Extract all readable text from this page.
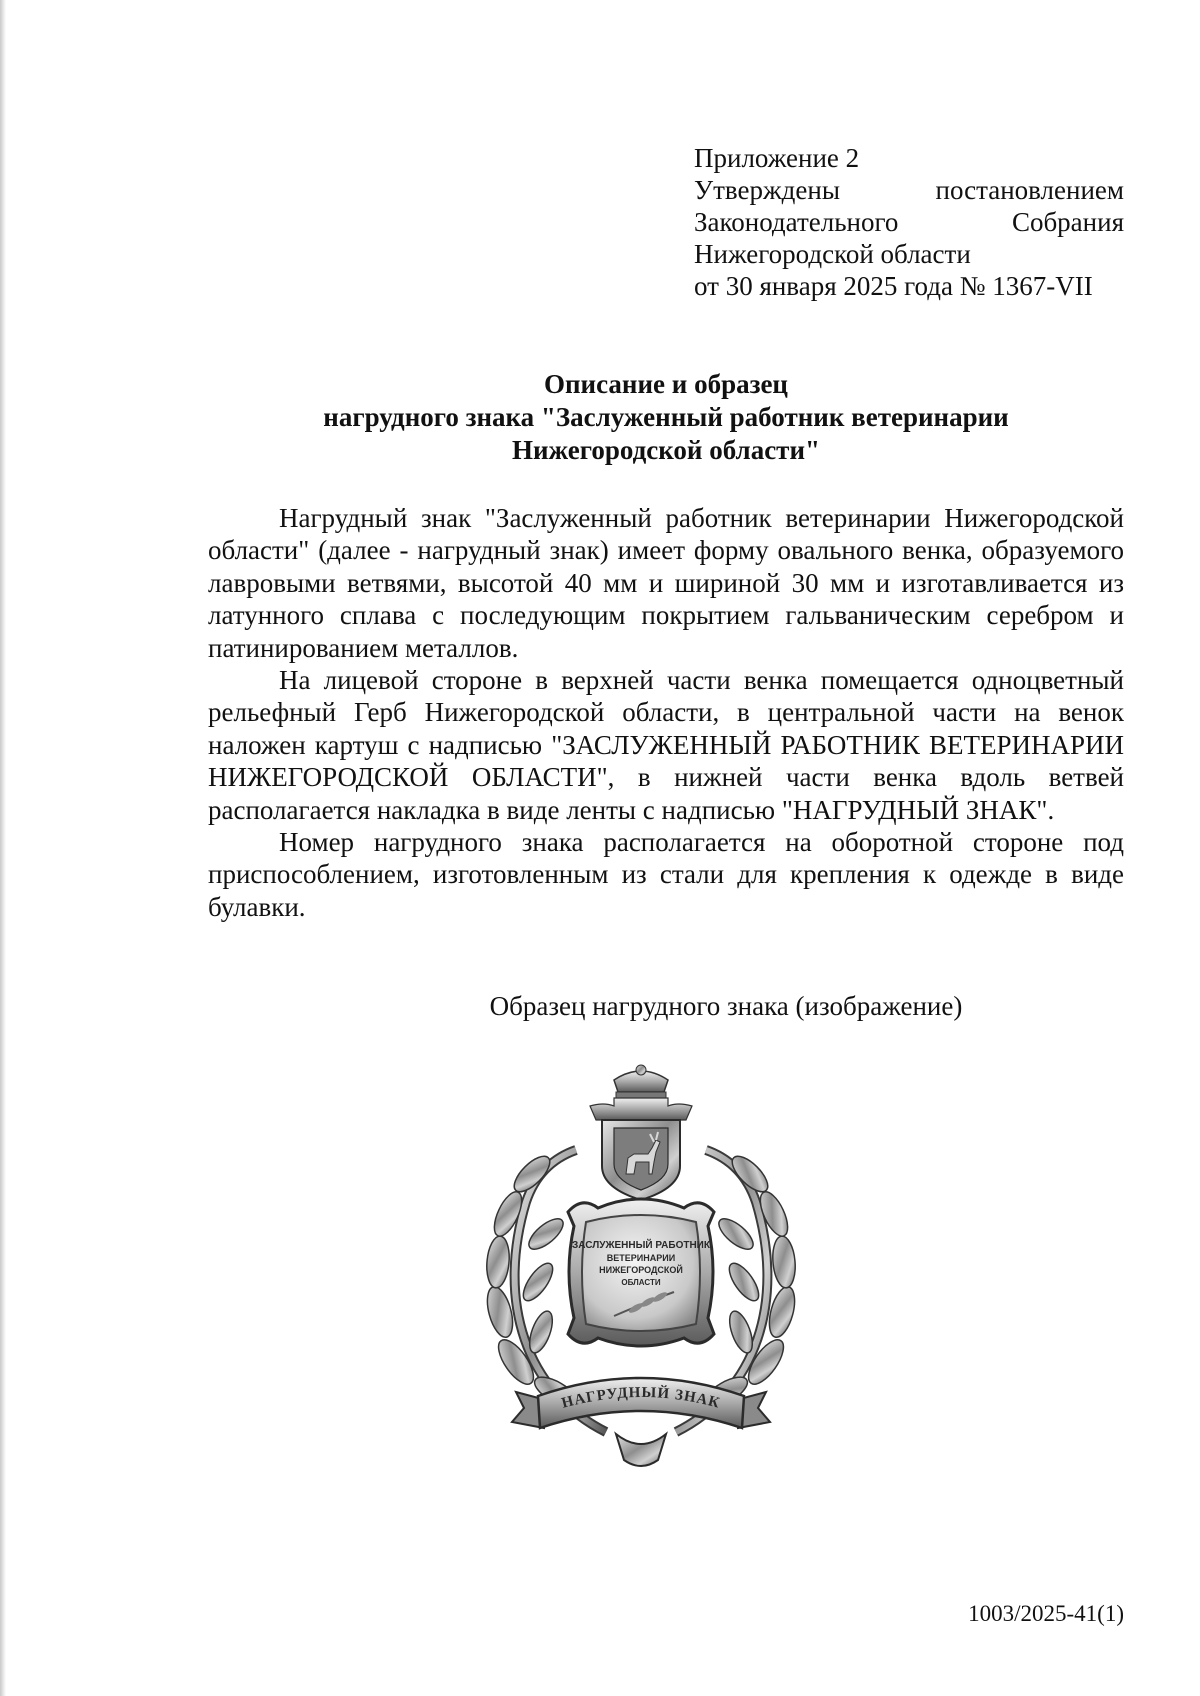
Приложение 2
Утверждены	постановлением
Законодательного	Собрания
Нижегородской области
от 30 января 2025 года № 1367-VII
Описание и образец
нагрудного знака "Заслуженный работник ветеринарии
Нижегородской области"

Нагрудный знак "Заслуженный работник ветеринарии Нижегородской области" (далее - нагрудный знак) имеет форму овального венка, образуемого лавровыми ветвями, высотой 40 мм и шириной 30 мм и изготавливается из латунного сплава с последующим покрытием гальваническим серебром и патинированием металлов.

На лицевой стороне в верхней части венка помещается одноцветный рельефный Герб Нижегородской области, в центральной части на венок наложен картуш с надписью "ЗАСЛУЖЕННЫЙ РАБОТНИК ВЕТЕРИНАРИИ НИЖЕГОРОДСКОЙ ОБЛАСТИ", в нижней части венка вдоль ветвей располагается накладка в виде ленты с надписью "НАГРУДНЫЙ ЗНАК".

Номер нагрудного знака располагается на оборотной стороне под приспособлением, изготовленным из стали для крепления к одежде в виде булавки.

Образец нагрудного знака (изображение)
ЗАСЛУЖЕННЫЙ РАБОТНИК
ВЕТЕРИНАРИИ
НИЖЕГОРОДСКОЙ
ОБЛАСТИ
НАГРУДНЫЙ ЗНАК
1003/2025-41(1)
